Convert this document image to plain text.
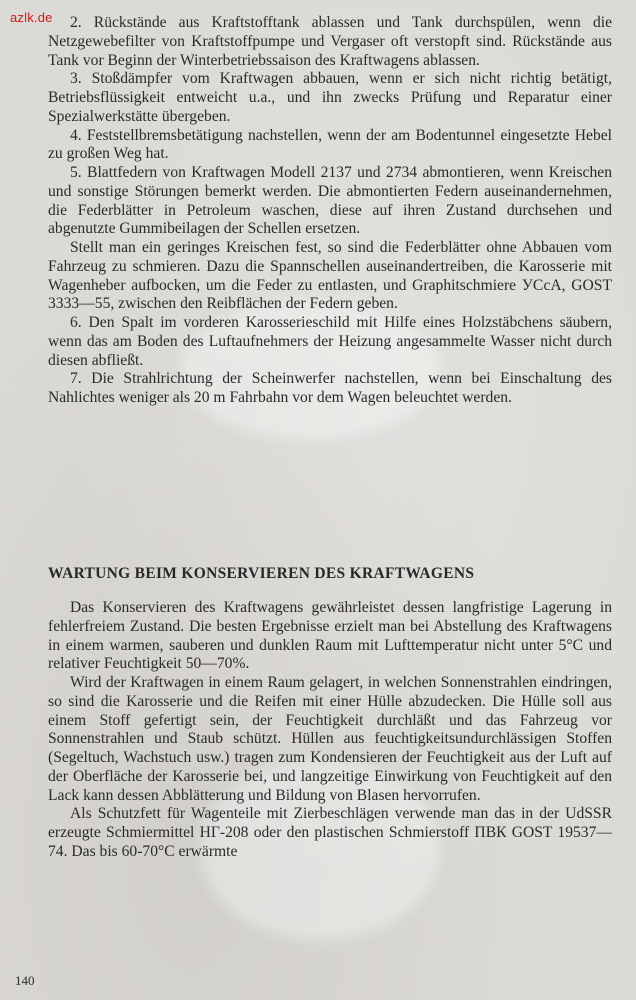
azlk.de	2. Rückstände aus Kraftstofftank ablassen und Tank durchspülen, wenn die Netzgewebefilter von Kraftstoffpumpe und Vergaser oft verstopft sind. Rückstände aus Tank vor Beginn der Winterbetriebssaison des Kraftwagens ablassen.

3. Stoßdämpfer vom Kraftwagen abbauen, wenn er sich nicht richtig betätigt, Betriebsflüssigkeit entweicht u.a., und ihn zwecks Prüfung und Reparatur einer Spezialwerkstätte übergeben.

4. Feststellbremsbetätigung nachstellen, wenn der am Bodentunnel eingesetzte Hebel zu großen Weg hat.

5. Blattfedern von Kraftwagen Modell 2137 und 2734 abmontieren, wenn Kreischen und sonstige Störungen bemerkt werden. Die abmontierten Federn auseinandernehmen, die Federblätter in Petroleum waschen, diese auf ihren Zustand durchsehen und abgenutzte Gummibeilagen der Schellen ersetzen.

Stellt man ein geringes Kreischen fest, so sind die Federblätter ohne Abbauen vom Fahrzeug zu schmieren. Dazu die Spannschellen auseinandertreiben, die Karosserie mit Wagenheber aufbocken, um die Feder zu entlasten, und Graphitschmiere УСсА, GOST 3333—55, zwischen den Reibflächen der Federn geben.

6. Den Spalt im vorderen Karosserieschild mit Hilfe eines Holzstäbchens säubern, wenn das am Boden des Luftaufnehmers der Heizung angesammelte Wasser nicht durch diesen abfließt.

7. Die Strahlrichtung der Scheinwerfer nachstellen, wenn bei Einschaltung des Nahlichtes weniger als 20 m Fahrbahn vor dem Wagen beleuchtet werden.

WARTUNG BEIM KONSERVIEREN DES KRAFTWAGENS

Das Konservieren des Kraftwagens gewährleistet dessen langfristige Lagerung in fehlerfreiem Zustand. Die besten Ergebnisse erzielt man bei Abstellung des Kraftwagens in einem warmen, sauberen und dunklen Raum mit Lufttemperatur nicht unter 5°C und relativer Feuchtigkeit 50—70%.

Wird der Kraftwagen in einem Raum gelagert, in welchen Sonnenstrahlen eindringen, so sind die Karosserie und die Reifen mit einer Hülle abzudecken. Die Hülle soll aus einem Stoff gefertigt sein, der Feuchtigkeit durchläßt und das Fahrzeug vor Sonnenstrahlen und Staub schützt. Hüllen aus feuchtigkeitsundurchlässigen Stoffen (Segeltuch, Wachstuch usw.) tragen zum Kondensieren der Feuchtigkeit aus der Luft auf der Oberfläche der Karosserie bei, und langzeitige Einwirkung von Feuchtigkeit auf den Lack kann dessen Abblätterung und Bildung von Blasen hervorrufen.

Als Schutzfett für Wagenteile mit Zierbeschlägen verwende man das in der UdSSR erzeugte Schmiermittel НГ-208 oder den plastischen Schmierstoff ПВК GOST 19537—74. Das bis 60-70°C erwärmte

140
